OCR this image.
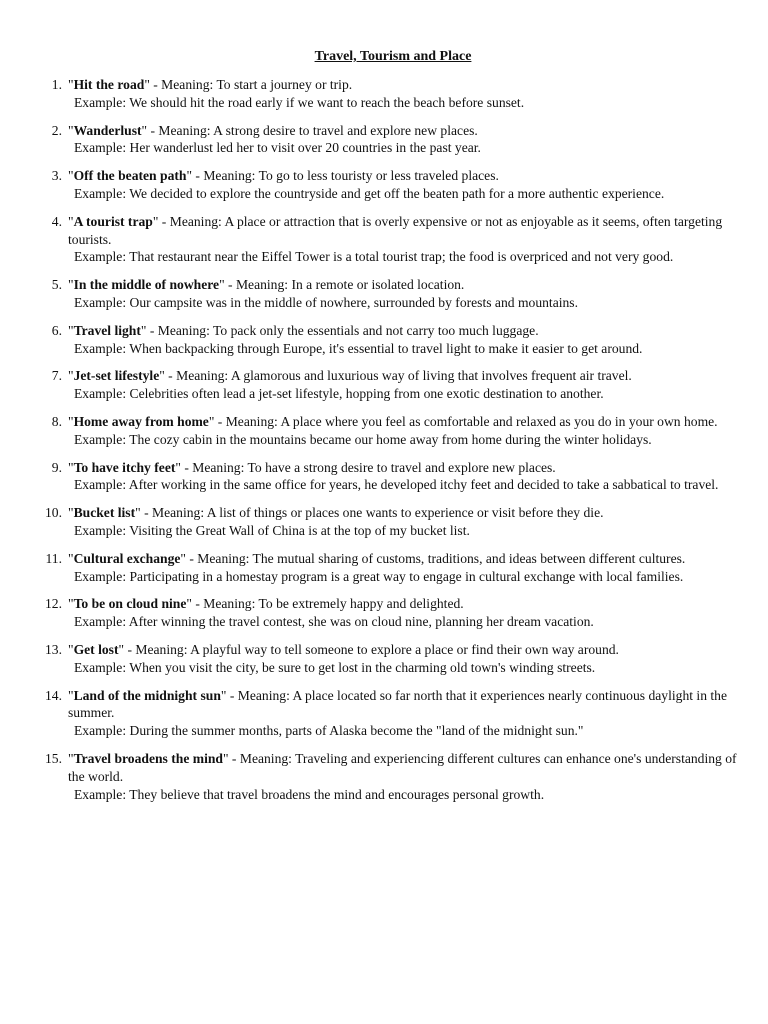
Travel, Tourism and Place
1. "Hit the road" - Meaning: To start a journey or trip.
Example: We should hit the road early if we want to reach the beach before sunset.
2. "Wanderlust" - Meaning: A strong desire to travel and explore new places.
Example: Her wanderlust led her to visit over 20 countries in the past year.
3. "Off the beaten path" - Meaning: To go to less touristy or less traveled places.
Example: We decided to explore the countryside and get off the beaten path for a more authentic experience.
4. "A tourist trap" - Meaning: A place or attraction that is overly expensive or not as enjoyable as it seems, often targeting tourists.
Example: That restaurant near the Eiffel Tower is a total tourist trap; the food is overpriced and not very good.
5. "In the middle of nowhere" - Meaning: In a remote or isolated location.
Example: Our campsite was in the middle of nowhere, surrounded by forests and mountains.
6. "Travel light" - Meaning: To pack only the essentials and not carry too much luggage.
Example: When backpacking through Europe, it's essential to travel light to make it easier to get around.
7. "Jet-set lifestyle" - Meaning: A glamorous and luxurious way of living that involves frequent air travel.
Example: Celebrities often lead a jet-set lifestyle, hopping from one exotic destination to another.
8. "Home away from home" - Meaning: A place where you feel as comfortable and relaxed as you do in your own home.
Example: The cozy cabin in the mountains became our home away from home during the winter holidays.
9. "To have itchy feet" - Meaning: To have a strong desire to travel and explore new places.
Example: After working in the same office for years, he developed itchy feet and decided to take a sabbatical to travel.
10. "Bucket list" - Meaning: A list of things or places one wants to experience or visit before they die.
Example: Visiting the Great Wall of China is at the top of my bucket list.
11. "Cultural exchange" - Meaning: The mutual sharing of customs, traditions, and ideas between different cultures.
Example: Participating in a homestay program is a great way to engage in cultural exchange with local families.
12. "To be on cloud nine" - Meaning: To be extremely happy and delighted.
Example: After winning the travel contest, she was on cloud nine, planning her dream vacation.
13. "Get lost" - Meaning: A playful way to tell someone to explore a place or find their own way around.
Example: When you visit the city, be sure to get lost in the charming old town's winding streets.
14. "Land of the midnight sun" - Meaning: A place located so far north that it experiences nearly continuous daylight in the summer.
Example: During the summer months, parts of Alaska become the "land of the midnight sun."
15. "Travel broadens the mind" - Meaning: Traveling and experiencing different cultures can enhance one's understanding of the world.
Example: They believe that travel broadens the mind and encourages personal growth.
